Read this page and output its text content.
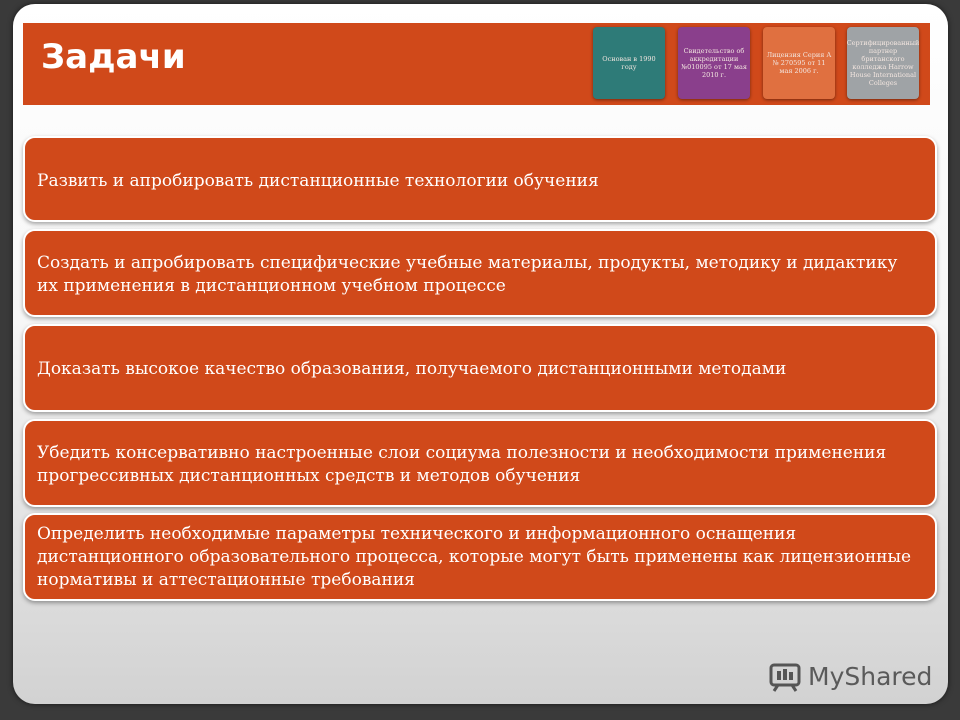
Задачи	Основан в 1990 году
Свидетельство об аккредитации №010095 от 17 мая 2010 г.
Лицензия Серия А № 270595 от 11 мая 2006 г.
Сертифицированный партнер британского колледжа Harrow House International Colleges
Развить и апробировать дистанционные технологии обучения
Создать и апробировать специфические учебные материалы, продукты, методику и дидактику их применения в дистанционном учебном процессе
Доказать высокое качество образования, получаемого дистанционными методами
Убедить консервативно настроенные слои социума полезности и необходимости применения прогрессивных дистанционных средств и методов обучения
Определить необходимые параметры технического и информационного оснащения дистанционного образовательного процесса, которые могут быть применены как лицензионные нормативы и аттестационные требования
MyShared
